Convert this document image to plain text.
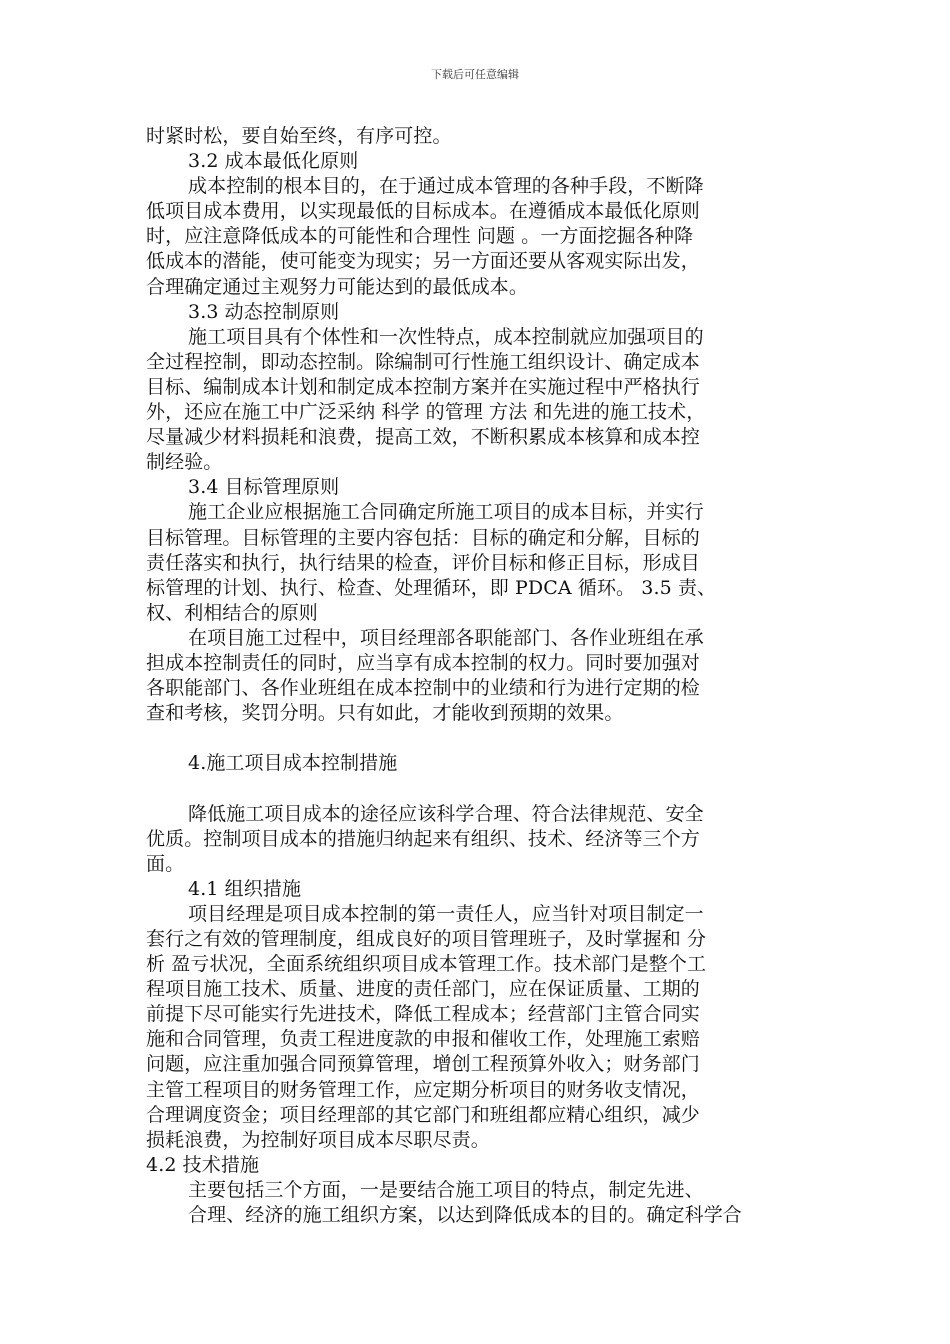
下载后可任意编辑
时紧时松，要自始至终，有序可控。
3.2 成本最低化原则
成本控制的根本目的，在于通过成本管理的各种手段，不断降
低项目成本费用，以实现最低的目标成本。在遵循成本最低化原则
时，应注意降低成本的可能性和合理性 问题 。一方面挖掘各种降
低成本的潜能，使可能变为现实；另一方面还要从客观实际出发，
合理确定通过主观努力可能达到的最低成本。
3.3 动态控制原则
施工项目具有个体性和一次性特点，成本控制就应加强项目的
全过程控制，即动态控制。除编制可行性施工组织设计、确定成本
目标、编制成本计划和制定成本控制方案并在实施过程中严格执行
外，还应在施工中广泛采纳 科学 的管理 方法 和先进的施工技术，
尽量减少材料损耗和浪费，提高工效，不断积累成本核算和成本控
制经验。
3.4 目标管理原则
施工企业应根据施工合同确定所施工项目的成本目标，并实行
目标管理。目标管理的主要内容包括：目标的确定和分解，目标的
责任落实和执行，执行结果的检查，评价目标和修正目标，形成目
标管理的计划、执行、检查、处理循环，即 PDCA 循环。 3.5 责、
权、利相结合的原则
在项目施工过程中，项目经理部各职能部门、各作业班组在承
担成本控制责任的同时，应当享有成本控制的权力。同时要加强对
各职能部门、各作业班组在成本控制中的业绩和行为进行定期的检
查和考核，奖罚分明。只有如此，才能收到预期的效果。
4.施工项目成本控制措施
降低施工项目成本的途径应该科学合理、符合法律规范、安全
优质。控制项目成本的措施归纳起来有组织、技术、经济等三个方
面。
4.1 组织措施
项目经理是项目成本控制的第一责任人，应当针对项目制定一
套行之有效的管理制度，组成良好的项目管理班子，及时掌握和 分
析 盈亏状况，全面系统组织项目成本管理工作。技术部门是整个工
程项目施工技术、质量、进度的责任部门，应在保证质量、工期的
前提下尽可能实行先进技术，降低工程成本；经营部门主管合同实
施和合同管理，负责工程进度款的申报和催收工作，处理施工索赔
问题，应注重加强合同预算管理，增创工程预算外收入；财务部门
主管工程项目的财务管理工作，应定期分析项目的财务收支情况，
合理调度资金；项目经理部的其它部门和班组都应精心组织，减少
损耗浪费，为控制好项目成本尽职尽责。
4.2 技术措施
主要包括三个方面，一是要结合施工项目的特点，制定先进、
合理、经济的施工组织方案，以达到降低成本的目的。确定科学合
